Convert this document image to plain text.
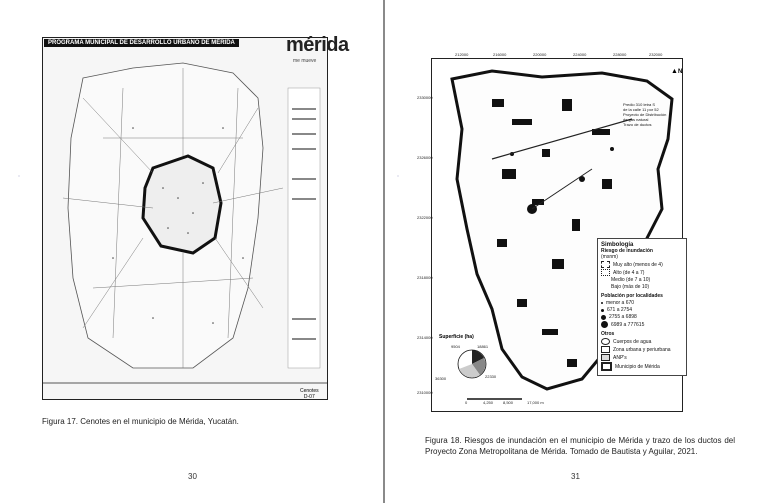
⁞⁞
PROGRAMA MUNICIPAL DE DESARROLLO URBANO DE MÉRIDA	mérida
me mueve
Cenotes
D-07
Figura 17. Cenotes en el municipio de Mérida, Yucatán.
30
⁞⁞
212000	216000	220000	224000	228000	232000
2330000
2326000
2322000
2318000
2314000
2310000
▲N
Predio 310 letra S
de la calle 11 por 52
Proyecto de Distribución
de gas natural
Trazo de ductos
Simbología
Riesgo de inundación
(msnm)
Muy alto (menos de 4)
Alto (de 4 a 7)
Medio (de 7 a 10)
Bajo (más de 10)
Población por localidades
menor a 670
671 a 2754
2755 a 6898
6989 a 777615
Otros
Cuerpos de agua
Zona urbana y periurbana
ANP's
Municipio de Mérida
Superficie (ha)
9504	18861
36300	22330
0	4,250 8,500	17,000 m
Figura 18. Riesgos de inundación en el municipio de Mérida y trazo de los ductos del Proyecto Zona Metropolitana de Mérida. Tomado de Bautista y Aguilar, 2021.
31
